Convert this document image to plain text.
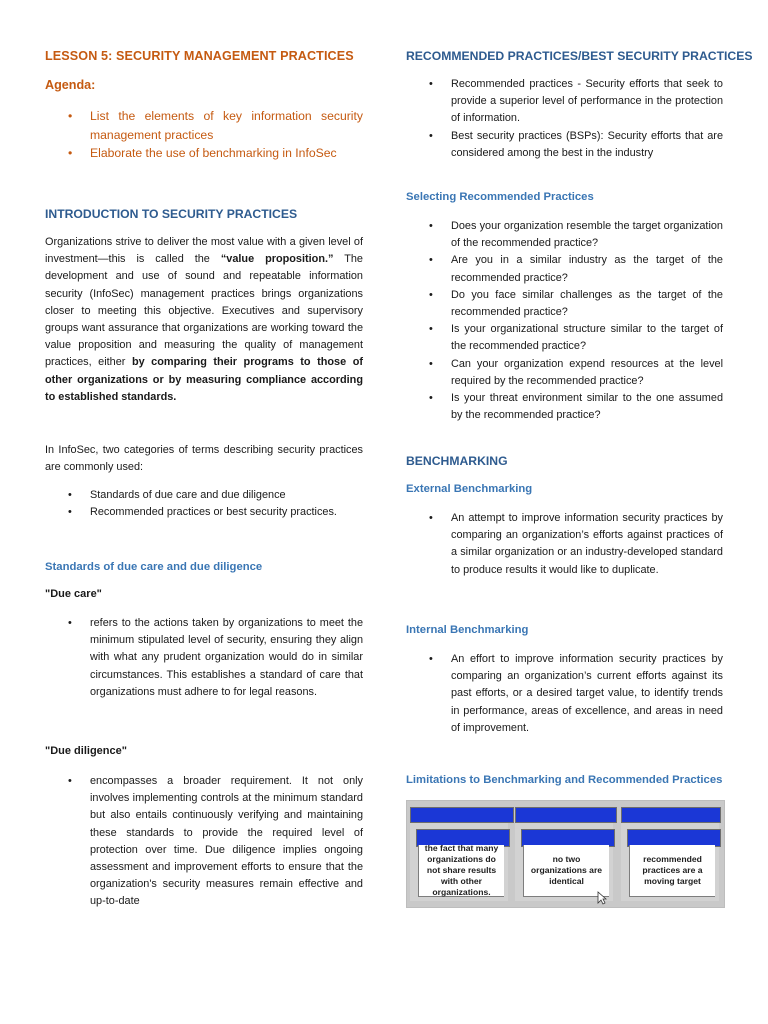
LESSON 5: SECURITY MANAGEMENT PRACTICES
Agenda:
• List the elements of key information security management practices
• Elaborate the use of benchmarking in InfoSec
INTRODUCTION TO SECURITY PRACTICES

Organizations strive to deliver the most value with a given level of investment—this is called the “value proposition.” The development and use of sound and repeatable information security (InfoSec) management practices brings organizations closer to meeting this objective. Executives and supervisory groups want assurance that organizations are working toward the value proposition and measuring the quality of management practices, either by comparing their programs to those of other organizations or by measuring compliance according to established standards.

In InfoSec, two categories of terms describing security practices are commonly used:

• Standards of due care and due diligence
• Recommended practices or best security practices.
Standards of due care and due diligence
"Due care"
• refers to the actions taken by organizations to meet the minimum stipulated level of security, ensuring they align with what any prudent organization would do in similar circumstances. This establishes a standard of care that organizations must adhere to for legal reasons.
"Due diligence"
• encompasses a broader requirement. It not only involves implementing controls at the minimum standard but also entails continuously verifying and maintaining these standards to provide the required level of protection over time. Due diligence implies ongoing assessment and improvement efforts to ensure that the organization's security measures remain effective and up-to-date
RECOMMENDED PRACTICES/BEST SECURITY PRACTICES
• Recommended practices - Security efforts that seek to provide a superior level of performance in the protection of information.
• Best security practices (BSPs): Security efforts that are considered among the best in the industry
Selecting Recommended Practices
• Does your organization resemble the target organization of the recommended practice?
• Are you in a similar industry as the target of the recommended practice?
• Do you face similar challenges as the target of the recommended practice?
• Is your organizational structure similar to the target of the recommended practice?
• Can your organization expend resources at the level required by the recommended practice?
• Is your threat environment similar to the one assumed by the recommended practice?
BENCHMARKING
External Benchmarking
• An attempt to improve information security practices by comparing an organization’s efforts against practices of a similar organization or an industry-developed standard to produce results it would like to duplicate.
Internal Benchmarking
• An effort to improve information security practices by comparing an organization’s current efforts against its past efforts, or a desired target value, to identify trends in performance, areas of excellence, and areas in need of improvement.
Limitations to Benchmarking and Recommended Practices
the fact that many organizations do not share results with other organizations.
no two organizations are identical
recommended practices are a moving target
